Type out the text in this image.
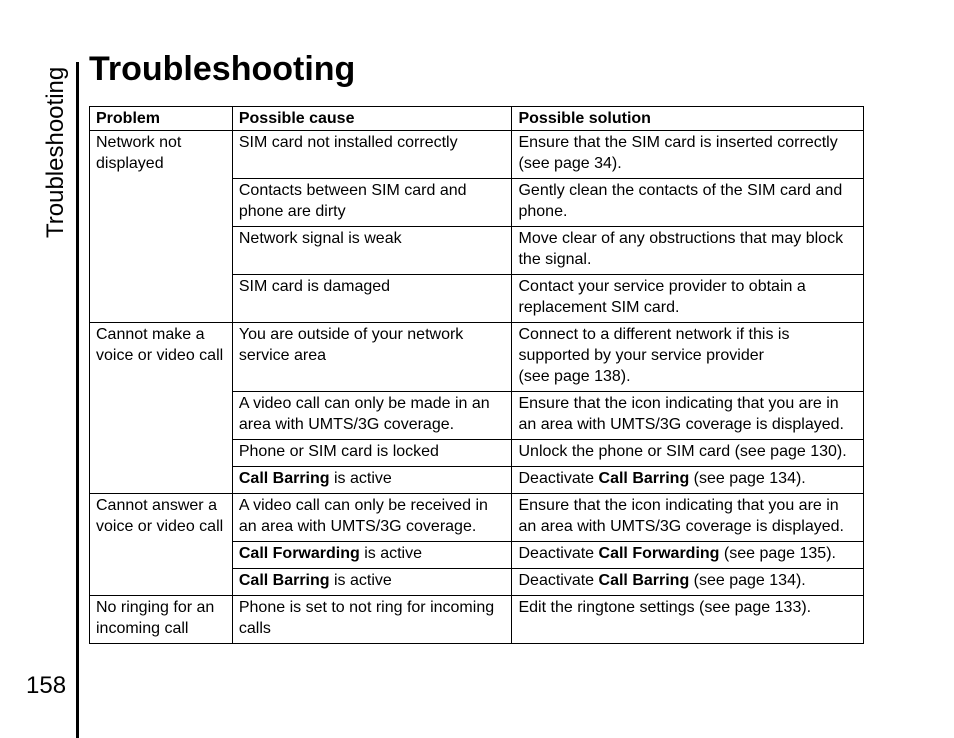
Troubleshooting
158
Troubleshooting
Problem	Possible cause	Possible solution
Network not displayed	SIM card not installed correctly	Ensure that the SIM card is inserted correctly (see page 34).
	Contacts between SIM card and phone are dirty	Gently clean the contacts of the SIM card and phone.
	Network signal is weak	Move clear of any obstructions that may block the signal.
	SIM card is damaged	Contact your service provider to obtain a replacement SIM card.
Cannot make a voice or video call	You are outside of your network service area	Connect to a different network if this is supported by your service provider
(see page 138).
	A video call can only be made in an area with UMTS/3G coverage.	Ensure that the icon indicating that you are in an area with UMTS/3G coverage is displayed.
	Phone or SIM card is locked	Unlock the phone or SIM card (see page 130).
	Call Barring is active	Deactivate Call Barring (see page 134).
Cannot answer a voice or video call	A video call can only be received in an area with UMTS/3G coverage.	Ensure that the icon indicating that you are in an area with UMTS/3G coverage is displayed.
	Call Forwarding is active	Deactivate Call Forwarding (see page 135).
	Call Barring is active	Deactivate Call Barring (see page 134).
No ringing for an incoming call	Phone is set to not ring for incoming calls	Edit the ringtone settings (see page 133).
